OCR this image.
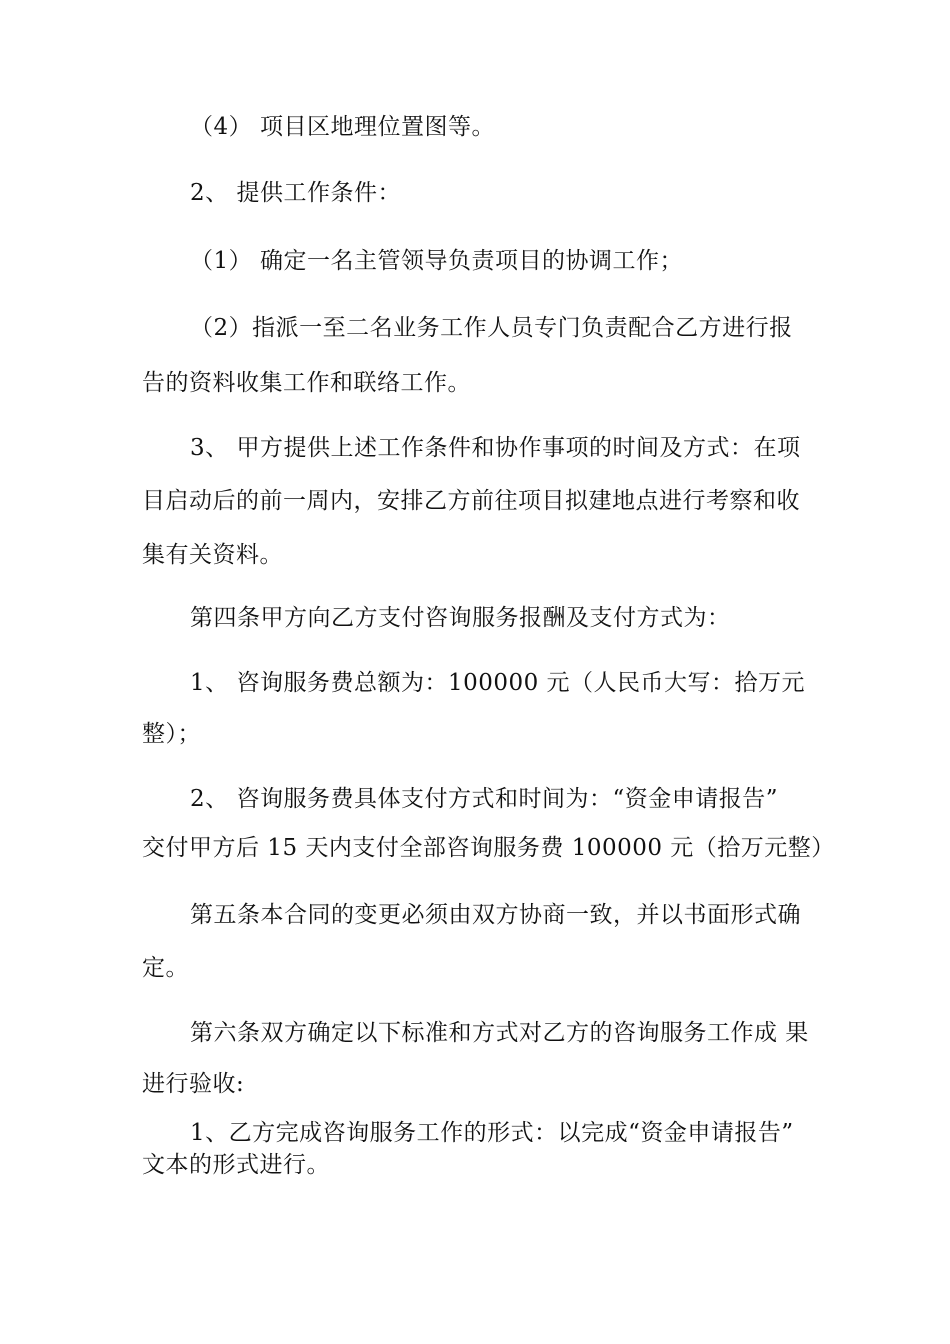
（4） 项目区地理位置图等。
2、 提供工作条件：
（1） 确定一名主管领导负责项目的协调工作；
（2）指派一至二名业务工作人员专门负责配合乙方进行报
告的资料收集工作和联络工作。
3、 甲方提供上述工作条件和协作事项的时间及方式：在项
目启动后的前一周内，安排乙方前往项目拟建地点进行考察和收
集有关资料。
第四条甲方向乙方支付咨询服务报酬及支付方式为：
1、 咨询服务费总额为：100000 元（人民币大写：拾万元
整）；
2、 咨询服务费具体支付方式和时间为：“资金申请报告”
交付甲方后 15 天内支付全部咨询服务费 100000 元（拾万元整）
第五条本合同的变更必须由双方协商一致，并以书面形式确
定。
第六条双方确定以下标准和方式对乙方的咨询服务工作成 果
进行验收:
1、乙方完成咨询服务工作的形式：以完成“资金申请报告”
文本的形式进行。
